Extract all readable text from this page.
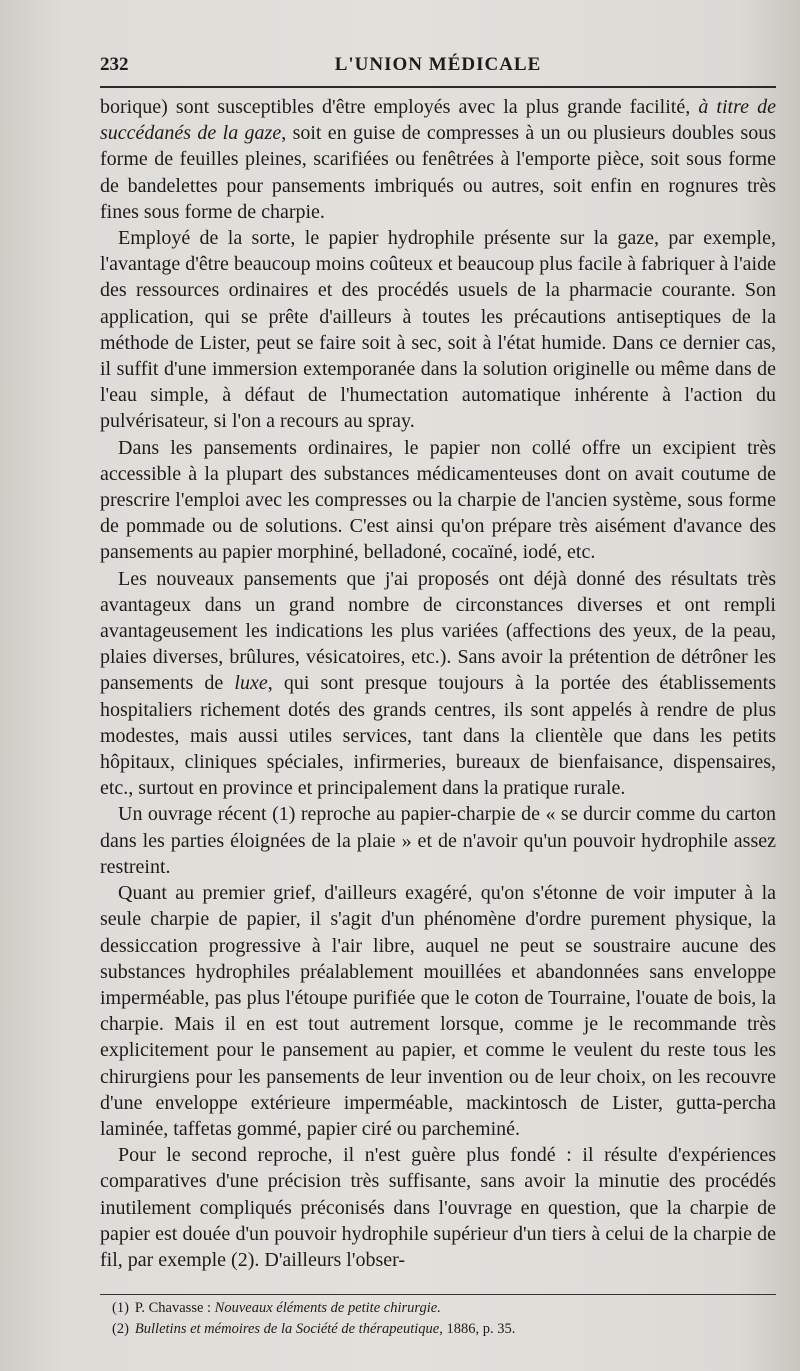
232	L'UNION MÉDICALE

borique) sont susceptibles d'être employés avec la plus grande facilité, à titre de succédanés de la gaze, soit en guise de compresses à un ou plusieurs doubles sous forme de feuilles pleines, scarifiées ou fenêtrées à l'emporte pièce, soit sous forme de bandelettes pour pansements imbriqués ou autres, soit enfin en rognures très fines sous forme de charpie.

Employé de la sorte, le papier hydrophile présente sur la gaze, par exemple, l'avantage d'être beaucoup moins coûteux et beaucoup plus facile à fabriquer à l'aide des ressources ordinaires et des procédés usuels de la pharmacie courante. Son application, qui se prête d'ailleurs à toutes les précautions antiseptiques de la méthode de Lister, peut se faire soit à sec, soit à l'état humide. Dans ce dernier cas, il suffit d'une immersion extemporanée dans la solution originelle ou même dans de l'eau simple, à défaut de l'humectation automatique inhérente à l'action du pulvérisateur, si l'on a recours au spray.

Dans les pansements ordinaires, le papier non collé offre un excipient très accessible à la plupart des substances médicamenteuses dont on avait coutume de prescrire l'emploi avec les compresses ou la charpie de l'ancien système, sous forme de pommade ou de solutions. C'est ainsi qu'on prépare très aisément d'avance des pansements au papier morphiné, belladoné, cocaïné, iodé, etc.

Les nouveaux pansements que j'ai proposés ont déjà donné des résultats très avantageux dans un grand nombre de circonstances diverses et ont rempli avantageusement les indications les plus variées (affections des yeux, de la peau, plaies diverses, brûlures, vésicatoires, etc.). Sans avoir la prétention de détrôner les pansements de luxe, qui sont presque toujours à la portée des établissements hospitaliers richement dotés des grands centres, ils sont appelés à rendre de plus modestes, mais aussi utiles services, tant dans la clientèle que dans les petits hôpitaux, cliniques spéciales, infirmeries, bureaux de bienfaisance, dispensaires, etc., surtout en province et principalement dans la pratique rurale.

Un ouvrage récent (1) reproche au papier-charpie de « se durcir comme du carton dans les parties éloignées de la plaie » et de n'avoir qu'un pouvoir hydrophile assez restreint.

Quant au premier grief, d'ailleurs exagéré, qu'on s'étonne de voir imputer à la seule charpie de papier, il s'agit d'un phénomène d'ordre purement physique, la dessiccation progressive à l'air libre, auquel ne peut se soustraire aucune des substances hydrophiles préalablement mouillées et abandonnées sans enveloppe imperméable, pas plus l'étoupe purifiée que le coton de Tourraine, l'ouate de bois, la charpie. Mais il en est tout autrement lorsque, comme je le recommande très explicitement pour le pansement au papier, et comme le veulent du reste tous les chirurgiens pour les pansements de leur invention ou de leur choix, on les recouvre d'une enveloppe extérieure imperméable, mackintosch de Lister, gutta-percha laminée, taffetas gommé, papier ciré ou parcheminé.

Pour le second reproche, il n'est guère plus fondé : il résulte d'expériences comparatives d'une précision très suffisante, sans avoir la minutie des procédés inutilement compliqués préconisés dans l'ouvrage en question, que la charpie de papier est douée d'un pouvoir hydrophile supérieur d'un tiers à celui de la charpie de fil, par exemple (2). D'ailleurs l'obser-

(1) P. Chavasse : Nouveaux éléments de petite chirurgie.
(2) Bulletins et mémoires de la Société de thérapeutique, 1886, p. 35.
